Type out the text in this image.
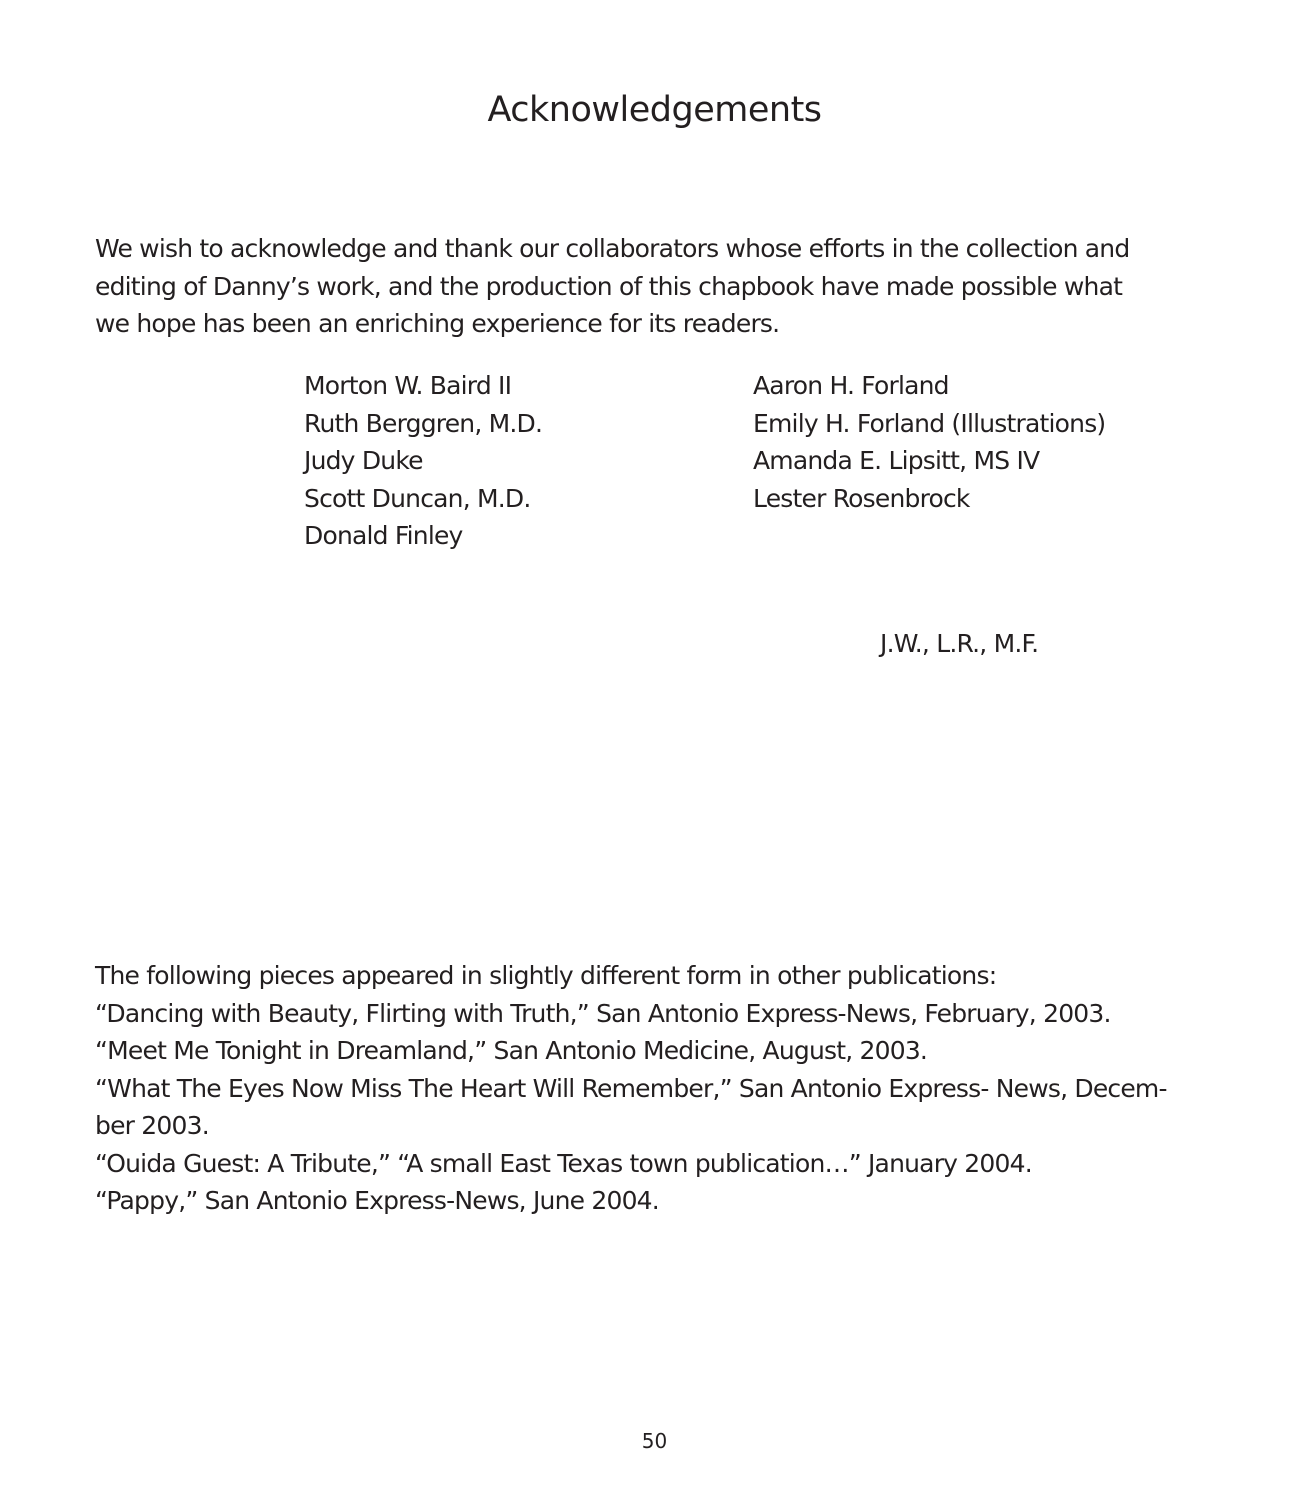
Acknowledgements

We wish to acknowledge and thank our collaborators whose efforts in the collection and
editing of Danny’s work, and the production of this chapbook have made possible what
we hope has been an enriching experience for its readers.

Morton W. Baird II
Ruth Berggren, M.D.
Judy Duke
Scott Duncan, M.D.
Donald Finley
Aaron H. Forland
Emily H. Forland (Illustrations)
Amanda E. Lipsitt, MS IV
Lester Rosenbrock
J.W., L.R., M.F.
The following pieces appeared in slightly different form in other publications:
“Dancing with Beauty, Flirting with Truth,” San Antonio Express-News, February, 2003.
“Meet Me Tonight in Dreamland,” San Antonio Medicine, August, 2003.
“What The Eyes Now Miss The Heart Will Remember,” San Antonio Express- News, Decem-
ber 2003.
“Ouida Guest: A Tribute,” “A small East Texas town publication…” January 2004.
“Pappy,” San Antonio Express-News, June 2004.
50
